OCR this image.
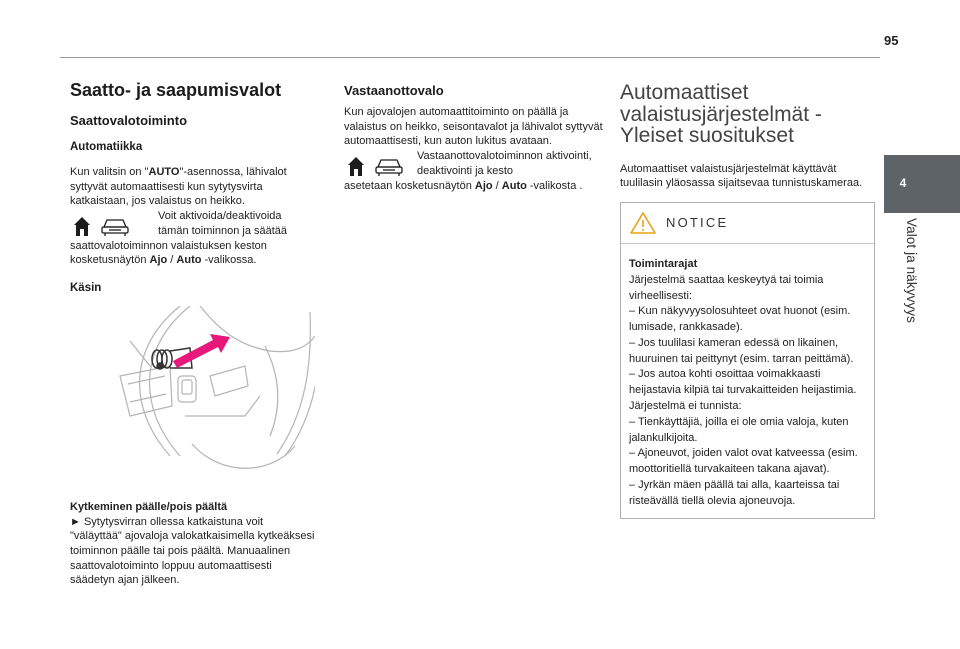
95
4
Valot ja näkyvyys
Saatto- ja saapumisvalot
Saattovalotoiminto
Automatiikka

Kun valitsin on "AUTO"-asennossa, lähivalot syttyvät automaattisesti kun sytytysvirta katkaistaan, jos valaistus on heikko.

Voit aktivoida/deaktivoida tämän toiminnon ja säätää

saattovalotoiminnon valaistuksen keston kosketusnäytön Ajo / Auto -valikossa.

Käsin

Kytkeminen päälle/pois päältä

► Sytytysvirran ollessa katkaistuna voit "väläyttää" ajovaloja valokatkaisimella kytkeäksesi toiminnon päälle tai pois päältä. Manuaalinen saattovalotoiminto loppuu automaattisesti säädetyn ajan jälkeen.

Vastaanottovalo

Kun ajovalojen automaattitoiminto on päällä ja valaistus on heikko, seisontavalot ja lähivalot syttyvät automaattisesti, kun auton lukitus avataan.

Vastaanottovalotoiminnon aktivointi, deaktivointi ja kesto

asetetaan kosketusnäytön Ajo / Auto -valikosta .

Automaattiset valaistusjärjestelmät - Yleiset suositukset

Automaattiset valaistusjärjestelmät käyttävät tuulilasin yläosassa sijaitsevaa tunnistuskameraa.

NOTICE

Toimintarajat

Järjestelmä saattaa keskeytyä tai toimia virheellisesti:

– Kun näkyvyysolosuhteet ovat huonot (esim. lumisade, rankkasade).

– Jos tuulilasi kameran edessä on likainen, huuruinen tai peittynyt (esim. tarran peittämä).

– Jos autoa kohti osoittaa voimakkaasti heijastavia kilpiä tai turvakaitteiden heijastimia.

Järjestelmä ei tunnista:

– Tienkäyttäjiä, joilla ei ole omia valoja, kuten jalankulkijoita.

– Ajoneuvot, joiden valot ovat katveessa (esim. moottoritiellä turvakaiteen takana ajavat).

– Jyrkän mäen päällä tai alla, kaarteissa tai risteävällä tiellä olevia ajoneuvoja.
